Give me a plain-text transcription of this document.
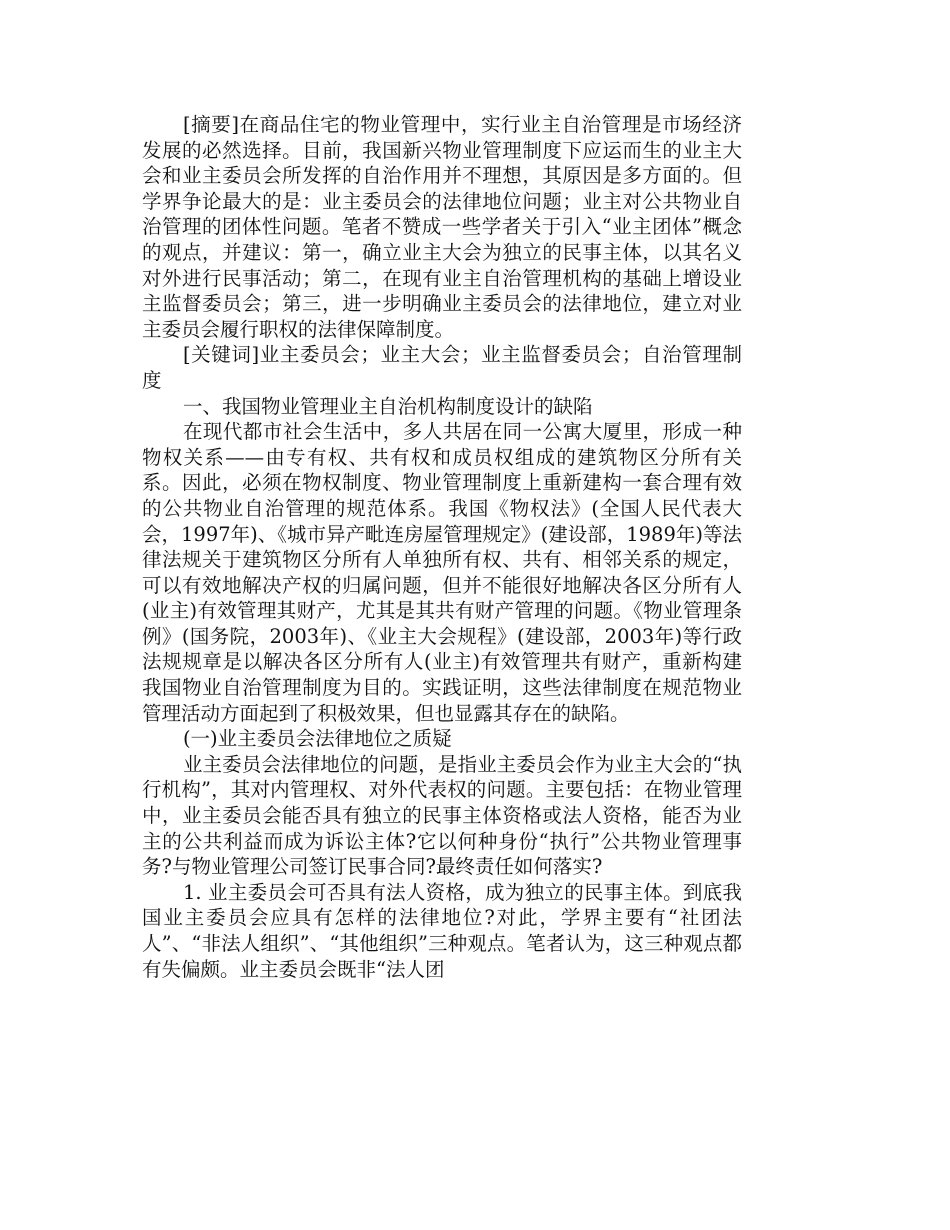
[摘要]在商品住宅的物业管理中，实行业主自治管理是市场经济发展的必然选择。目前，我国新兴物业管理制度下应运而生的业主大会和业主委员会所发挥的自治作用并不理想，其原因是多方面的。但学界争论最大的是：业主委员会的法律地位问题；业主对公共物业自治管理的团体性问题。笔者不赞成一些学者关于引入“业主团体”概念的观点，并建议：第一，确立业主大会为独立的民事主体，以其名义对外进行民事活动；第二，在现有业主自治管理机构的基础上增设业主监督委员会；第三，进一步明确业主委员会的法律地位，建立对业主委员会履行职权的法律保障制度。

[关键词]业主委员会；业主大会；业主监督委员会；自治管理制度

一、我国物业管理业主自治机构制度设计的缺陷

在现代都市社会生活中，多人共居在同一公寓大厦里，形成一种物权关系——由专有权、共有权和成员权组成的建筑物区分所有关系。因此，必须在物权制度、物业管理制度上重新建构一套合理有效的公共物业自治管理的规范体系。我国《物权法》(全国人民代表大会，1997年)、《城市异产毗连房屋管理规定》(建设部，1989年)等法律法规关于建筑物区分所有人单独所有权、共有、相邻关系的规定，可以有效地解决产权的归属问题，但并不能很好地解决各区分所有人(业主)有效管理其财产，尤其是其共有财产管理的问题。《物业管理条例》(国务院，2003年)、《业主大会规程》(建设部，2003年)等行政法规规章是以解决各区分所有人(业主)有效管理共有财产，重新构建我国物业自治管理制度为目的。实践证明，这些法律制度在规范物业管理活动方面起到了积极效果，但也显露其存在的缺陷。

(一)业主委员会法律地位之质疑

业主委员会法律地位的问题，是指业主委员会作为业主大会的“执行机构”，其对内管理权、对外代表权的问题。主要包括：在物业管理中，业主委员会能否具有独立的民事主体资格或法人资格，能否为业主的公共利益而成为诉讼主体?它以何种身份“执行”公共物业管理事务?与物业管理公司签订民事合同?最终责任如何落实?

1. 业主委员会可否具有法人资格，成为独立的民事主体。到底我国业主委员会应具有怎样的法律地位?对此，学界主要有“社团法人”、“非法人组织”、“其他组织”三种观点。笔者认为，这三种观点都有失偏颇。业主委员会既非“法人团
